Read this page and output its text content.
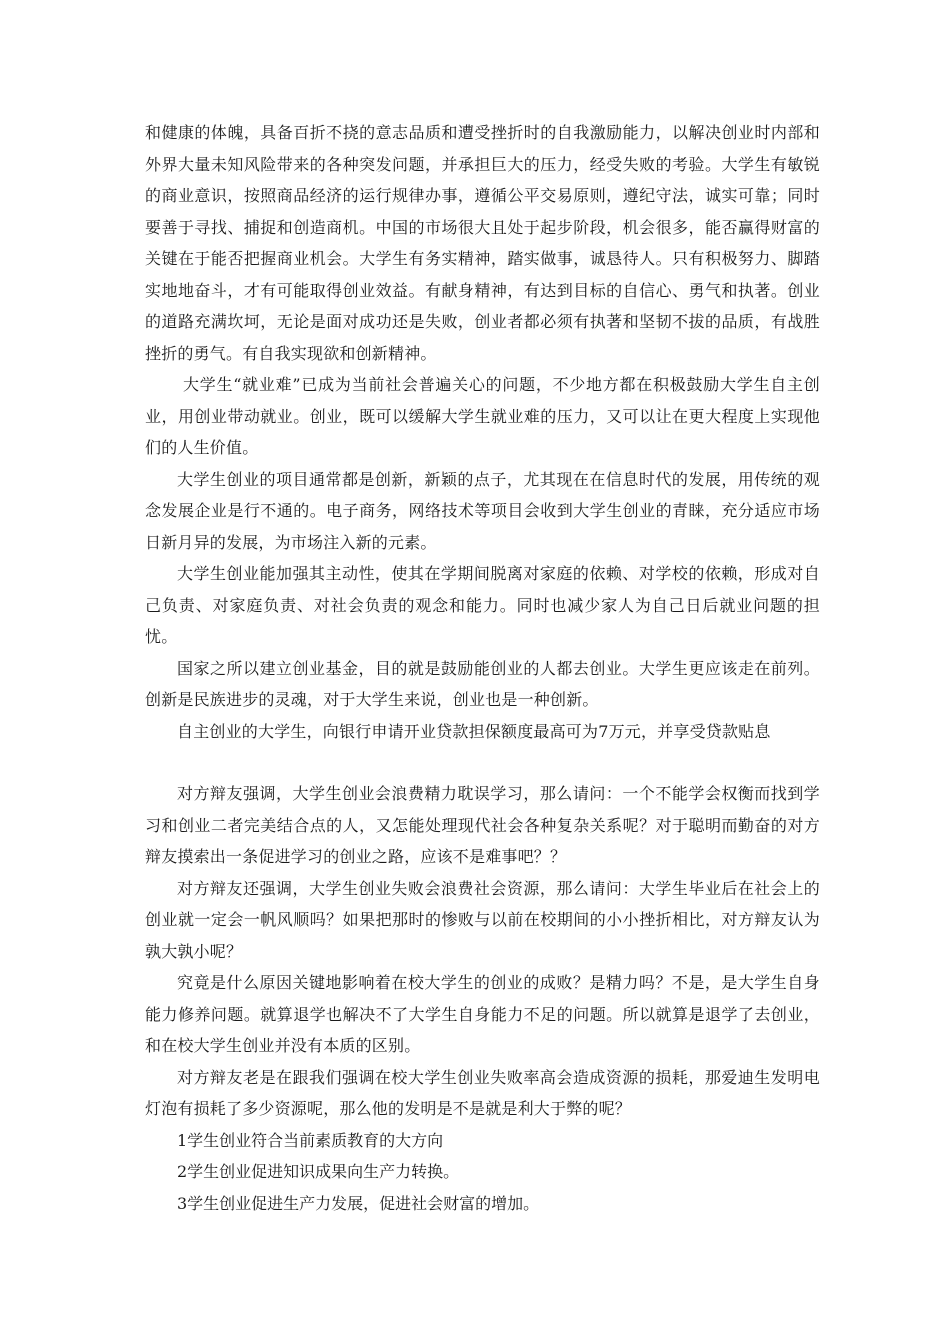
和健康的体魄，具备百折不挠的意志品质和遭受挫折时的自我激励能力，以解决创业时内部和外界大量未知风险带来的各种突发问题，并承担巨大的压力，经受失败的考验。大学生有敏锐的商业意识，按照商品经济的运行规律办事，遵循公平交易原则，遵纪守法，诚实可靠；同时要善于寻找、捕捉和创造商机。中国的市场很大且处于起步阶段，机会很多，能否赢得财富的关键在于能否把握商业机会。大学生有务实精神，踏实做事，诚恳待人。只有积极努力、脚踏实地地奋斗，才有可能取得创业效益。有献身精神，有达到目标的自信心、勇气和执著。创业的道路充满坎坷，无论是面对成功还是失败，创业者都必须有执著和坚韧不拔的品质，有战胜挫折的勇气。有自我实现欲和创新精神。

大学生“就业难”已成为当前社会普遍关心的问题，不少地方都在积极鼓励大学生自主创业，用创业带动就业。创业，既可以缓解大学生就业难的压力，又可以让在更大程度上实现他们的人生价值。

大学生创业的项目通常都是创新，新颖的点子，尤其现在在信息时代的发展，用传统的观念发展企业是行不通的。电子商务，网络技术等项目会收到大学生创业的青睐，充分适应市场日新月异的发展，为市场注入新的元素。

大学生创业能加强其主动性，使其在学期间脱离对家庭的依赖、对学校的依赖，形成对自己负责、对家庭负责、对社会负责的观念和能力。同时也减少家人为自己日后就业问题的担忧。

国家之所以建立创业基金，目的就是鼓励能创业的人都去创业。大学生更应该走在前列。创新是民族进步的灵魂，对于大学生来说，创业也是一种创新。

自主创业的大学生，向银行申请开业贷款担保额度最高可为7万元，并享受贷款贴息

对方辩友强调，大学生创业会浪费精力耽误学习，那么请问：一个不能学会权衡而找到学习和创业二者完美结合点的人，又怎能处理现代社会各种复杂关系呢？对于聪明而勤奋的对方辩友摸索出一条促进学习的创业之路，应该不是难事吧？？

对方辩友还强调，大学生创业失败会浪费社会资源，那么请问：大学生毕业后在社会上的创业就一定会一帆风顺吗？如果把那时的惨败与以前在校期间的小小挫折相比，对方辩友认为孰大孰小呢？

究竟是什么原因关键地影响着在校大学生的创业的成败？是精力吗？不是，是大学生自身能力修养问题。就算退学也解决不了大学生自身能力不足的问题。所以就算是退学了去创业，和在校大学生创业并没有本质的区别。

对方辩友老是在跟我们强调在校大学生创业失败率高会造成资源的损耗，那爱迪生发明电灯泡有损耗了多少资源呢，那么他的发明是不是就是利大于弊的呢？

1学生创业符合当前素质教育的大方向

2学生创业促进知识成果向生产力转换。

3学生创业促进生产力发展，促进社会财富的增加。
